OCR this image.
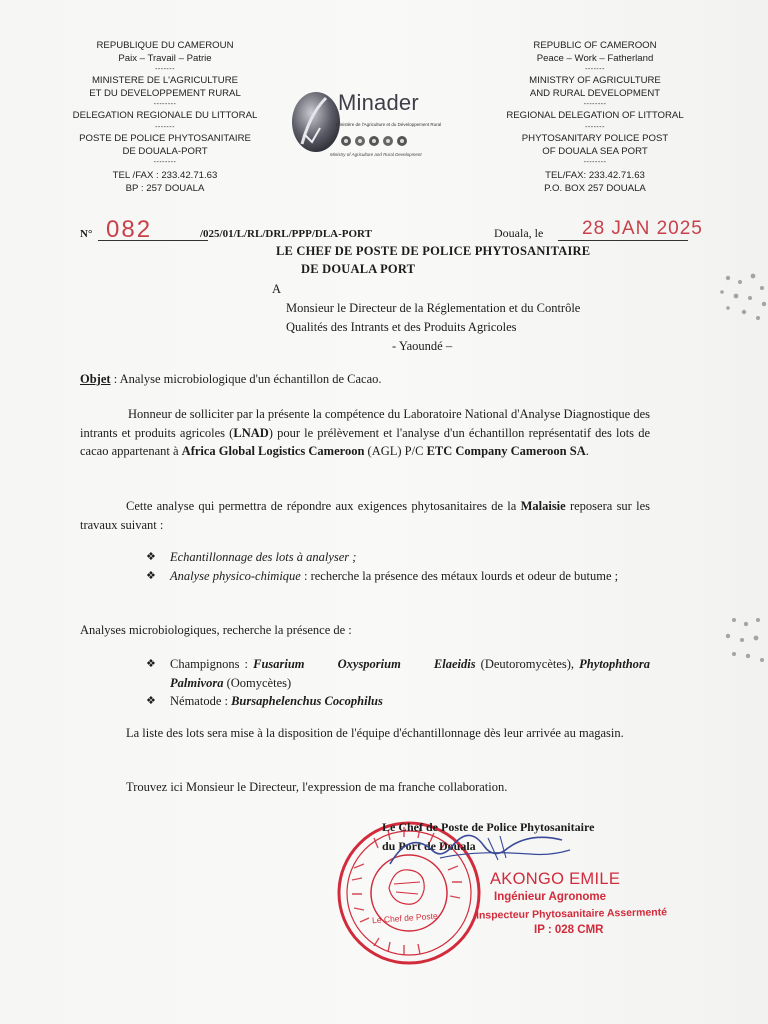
REPUBLIQUE DU CAMEROUN
Paix – Travail – Patrie
-------
MINISTERE DE L'AGRICULTURE
ET DU DEVELOPPEMENT RURAL
--------
DELEGATION REGIONALE DU LITTORAL
-------
POSTE DE POLICE PHYTOSANITAIRE
DE DOUALA-PORT
--------
TEL /FAX : 233.42.71.63
BP : 257 DOUALA
REPUBLIC OF CAMEROON
Peace – Work – Fatherland
-------
MINISTRY OF AGRICULTURE
AND RURAL DEVELOPMENT
--------
REGIONAL DELEGATION OF LITTORAL
-------
PHYTOSANITARY POLICE POST
OF DOUALA SEA PORT
--------
TEL/FAX: 233.42.71.63
P.O. BOX 257 DOUALA
Minader
Ministère de l'Agriculture et du Développement Rural
Ministry of Agriculture and Rural Development
N° 082	/025/01/L/RL/DRL/PPP/DLA-PORT	Douala, le 28 JAN 2025
LE CHEF DE POSTE DE POLICE PHYTOSANITAIRE
DE DOUALA PORT
A
Monsieur le Directeur de la Réglementation et du Contrôle
Qualités des Intrants et des Produits Agricoles
- Yaoundé –
Objet : Analyse microbiologique d'un échantillon de Cacao.
Honneur de solliciter par la présente la compétence du Laboratoire National d'Analyse Diagnostique des intrants et produits agricoles (LNAD) pour le prélèvement et l'analyse d'un échantillon représentatif des lots de cacao appartenant à Africa Global Logistics Cameroon (AGL) P/C ETC Company Cameroon SA.
Cette analyse qui permettra de répondre aux exigences phytosanitaires de la Malaisie reposera sur les travaux suivant :
❖ Echantillonnage des lots à analyser ;
❖ Analyse physico-chimique : recherche la présence des métaux lourds et odeur de butume ;
Analyses microbiologiques, recherche la présence de :
❖ Champignons : Fusarium Oxysporium Elaeidis (Deutoromycètes), Phytophthora Palmivora (Oomycètes)
❖ Nématode : Bursaphelenchus Cocophilus
La liste des lots sera mise à la disposition de l'équipe d'échantillonnage dès leur arrivée au magasin.
Trouvez ici Monsieur le Directeur, l'expression de ma franche collaboration.
Le Chef de Poste
Le Chef de Poste de Police Phytosanitaire
du Port de Douala
AKONGO EMILE
Ingénieur Agronome
Inspecteur Phytosanitaire Assermenté
IP : 028 CMR
